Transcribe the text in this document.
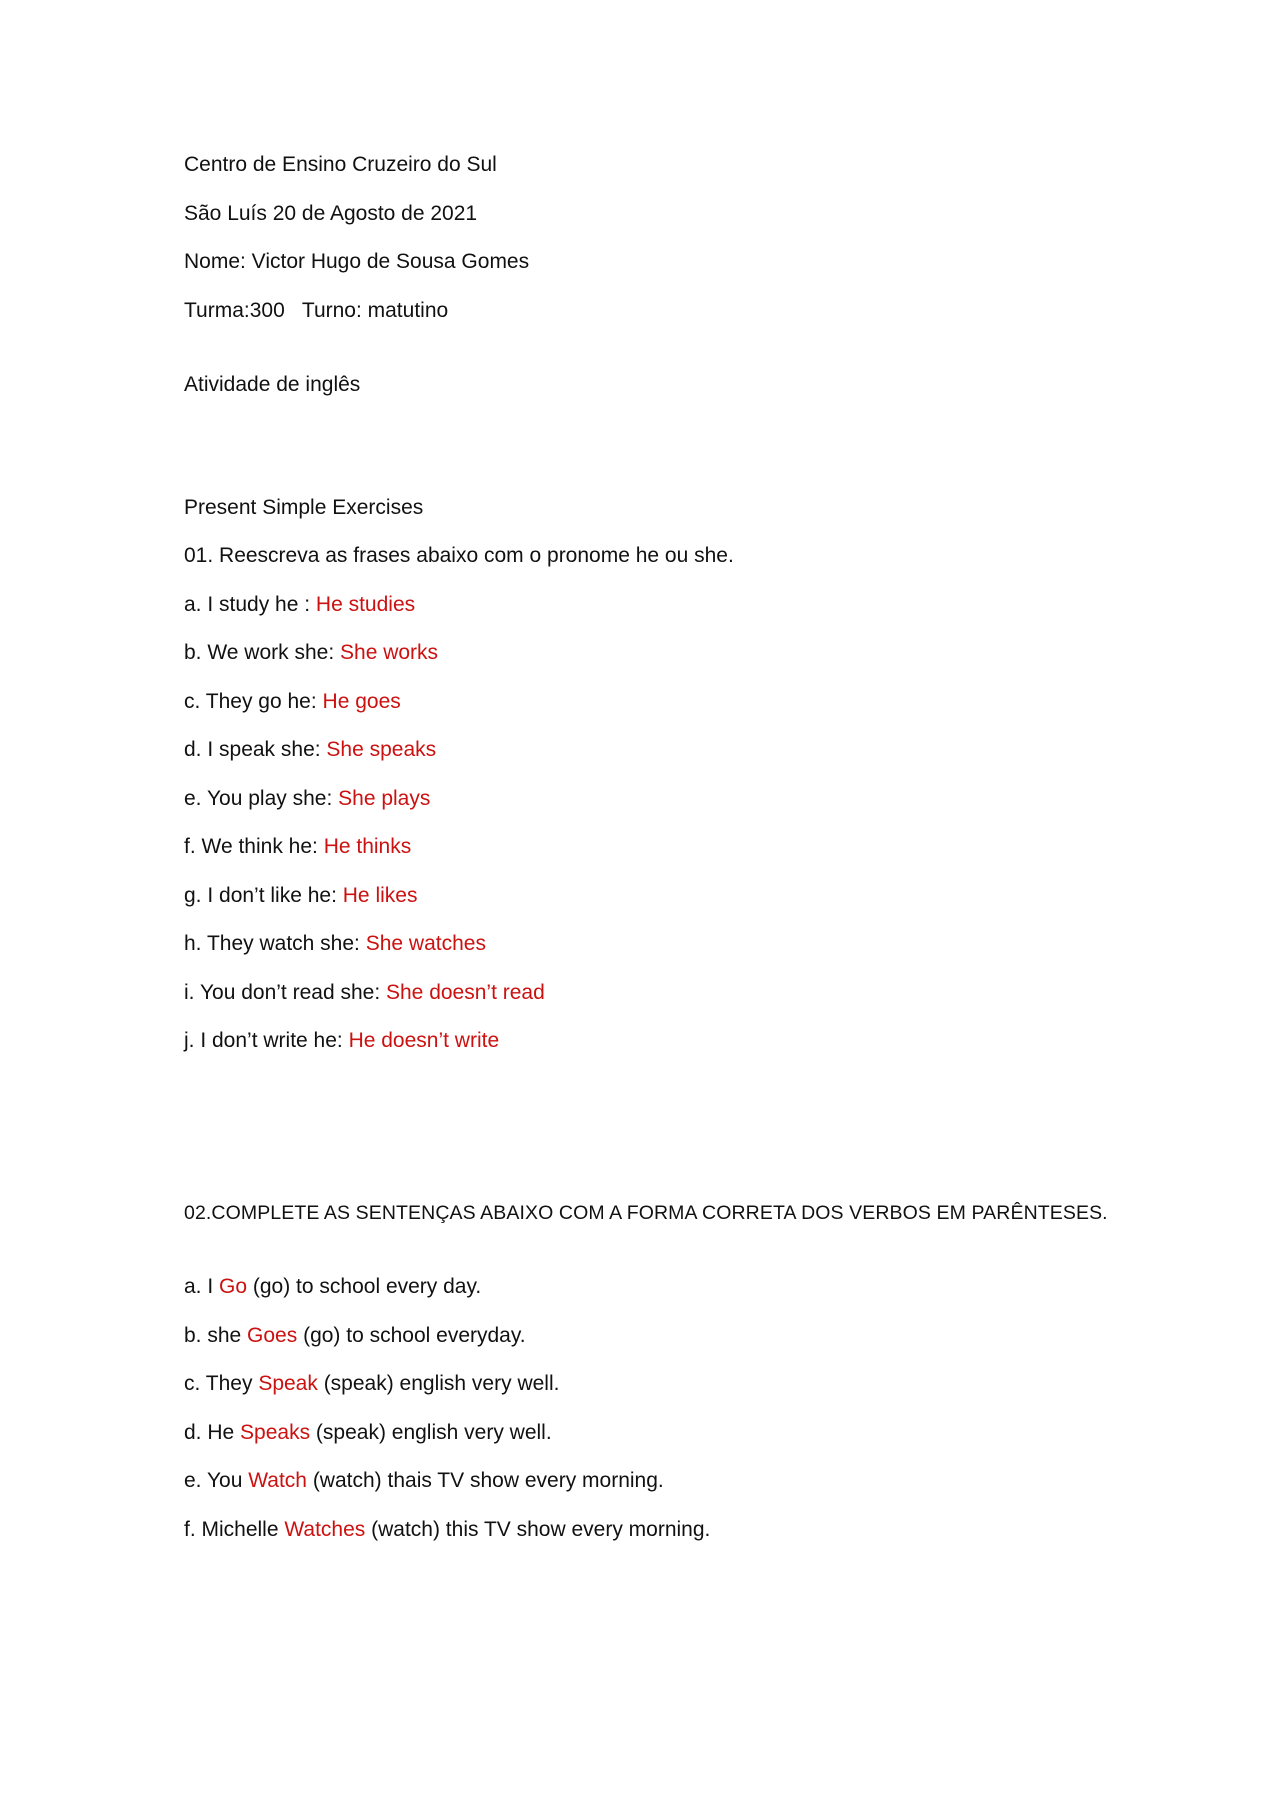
Centro de Ensino Cruzeiro do Sul
São Luís 20 de Agosto de 2021
Nome: Victor Hugo de Sousa Gomes
Turma:300   Turno: matutino
Atividade de inglês
Present Simple Exercises
01. Reescreva as frases abaixo com o pronome he ou she.
a. I study he : He studies
b. We work she: She works
c. They go he: He goes
d. I speak she: She speaks
e. You play she: She plays
f. We think he: He thinks
g. I don’t like he: He likes
h. They watch she: She watches
i. You don’t read she: She doesn’t read
j. I don’t write he: He doesn’t write
02.COMPLETE AS SENTENÇAS ABAIXO COM A FORMA CORRETA DOS VERBOS EM PARÊNTESES.
a. I Go (go) to school every day.
b. she Goes (go) to school everyday.
c. They Speak (speak) english very well.
d. He Speaks (speak) english very well.
e. You Watch (watch) thais TV show every morning.
f. Michelle Watches (watch) this TV show every morning.
